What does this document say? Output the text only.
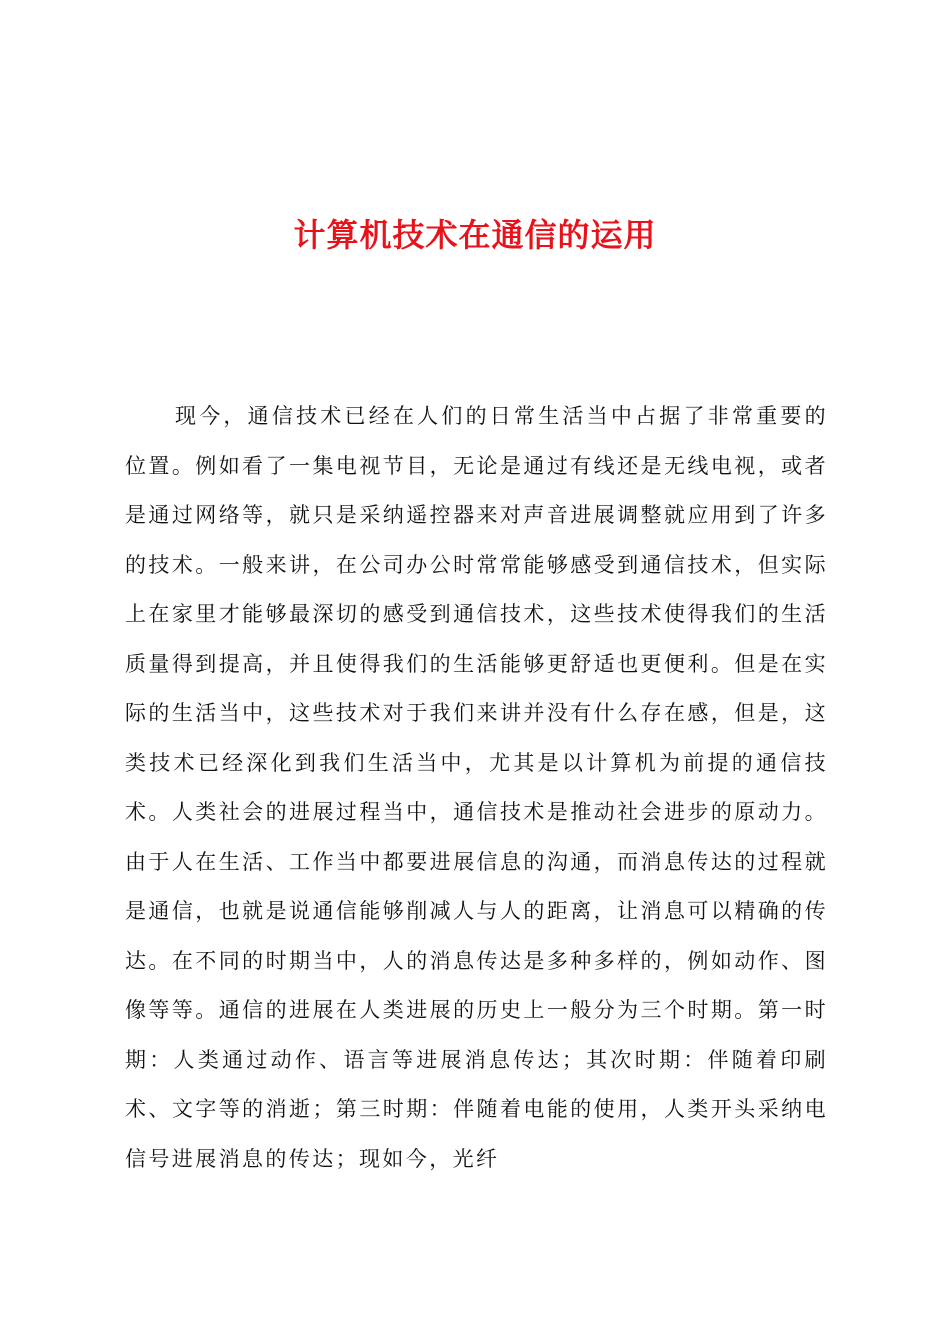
计算机技术在通信的运用

现今，通信技术已经在人们的日常生活当中占据了非常重要的位置。例如看了一集电视节目，无论是通过有线还是无线电视，或者是通过网络等，就只是采纳遥控器来对声音进展调整就应用到了许多的技术。一般来讲，在公司办公时常常能够感受到通信技术，但实际上在家里才能够最深切的感受到通信技术，这些技术使得我们的生活质量得到提高，并且使得我们的生活能够更舒适也更便利。但是在实际的生活当中，这些技术对于我们来讲并没有什么存在感，但是，这类技术已经深化到我们生活当中，尤其是以计算机为前提的通信技术。人类社会的进展过程当中，通信技术是推动社会进步的原动力。由于人在生活、工作当中都要进展信息的沟通，而消息传达的过程就是通信，也就是说通信能够削减人与人的距离，让消息可以精确的传达。在不同的时期当中，人的消息传达是多种多样的，例如动作、图像等等。通信的进展在人类进展的历史上一般分为三个时期。第一时期：人类通过动作、语言等进展消息传达；其次时期：伴随着印刷术、文字等的消逝；第三时期：伴随着电能的使用，人类开头采纳电信号进展消息的传达；现如今，光纤
